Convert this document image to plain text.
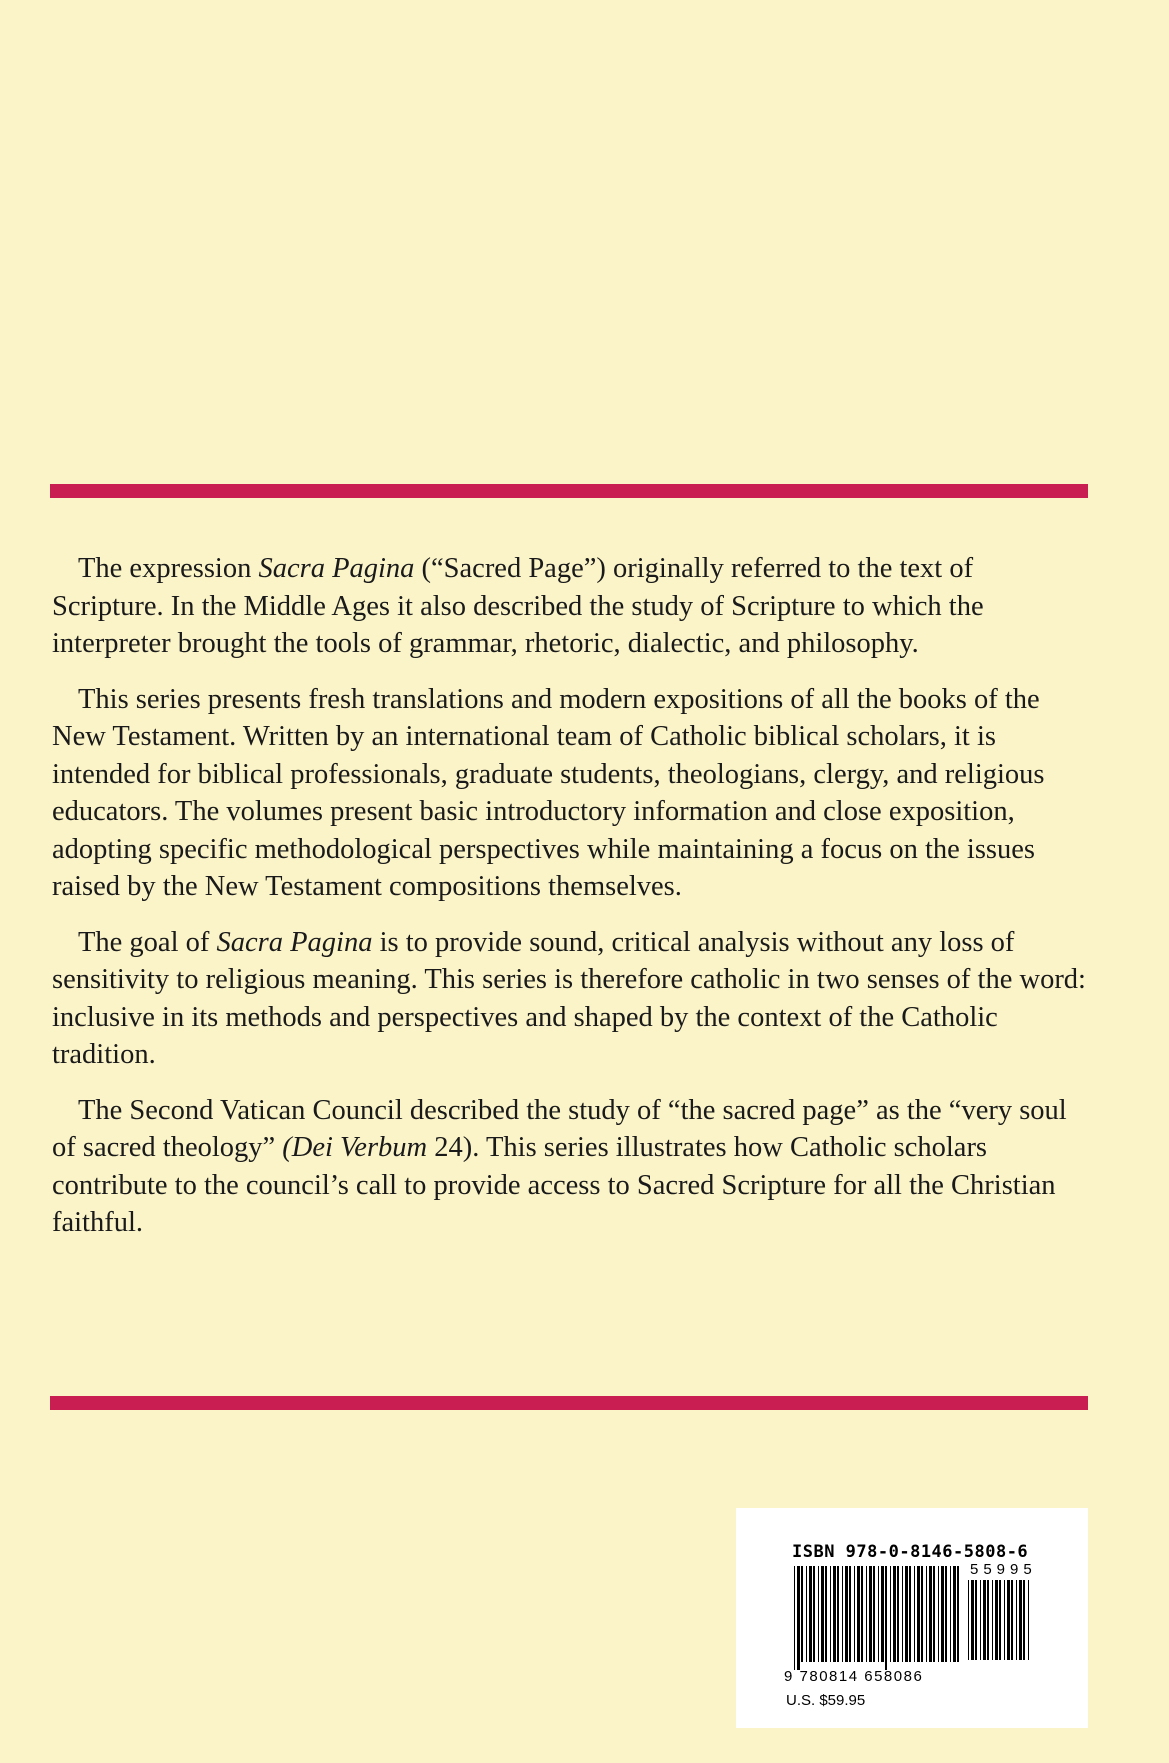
The expression Sacra Pagina (“Sacred Page”) originally referred to the text of Scripture. In the Middle Ages it also described the study of Scripture to which the interpreter brought the tools of grammar, rhetoric, dialectic, and philosophy.

This series presents fresh translations and modern expositions of all the books of the New Testament. Written by an international team of Catholic biblical scholars, it is intended for biblical professionals, graduate students, theologians, clergy, and religious educators. The volumes present basic introductory information and close exposition, adopting specific methodological perspectives while maintaining a focus on the issues raised by the New Testament compositions themselves.

The goal of Sacra Pagina is to provide sound, critical analysis without any loss of sensitivity to religious meaning. This series is therefore catholic in two senses of the word: inclusive in its methods and perspectives and shaped by the context of the Catholic tradition.

The Second Vatican Council described the study of “the sacred page” as the “very soul of sacred theology” (Dei Verbum 24). This series illustrates how Catholic scholars contribute to the council’s call to provide access to Sacred Scripture for all the Christian faithful.

ISBN 978-0-8146-5808-6
55995
9 780814 658086
U.S. $59.95
